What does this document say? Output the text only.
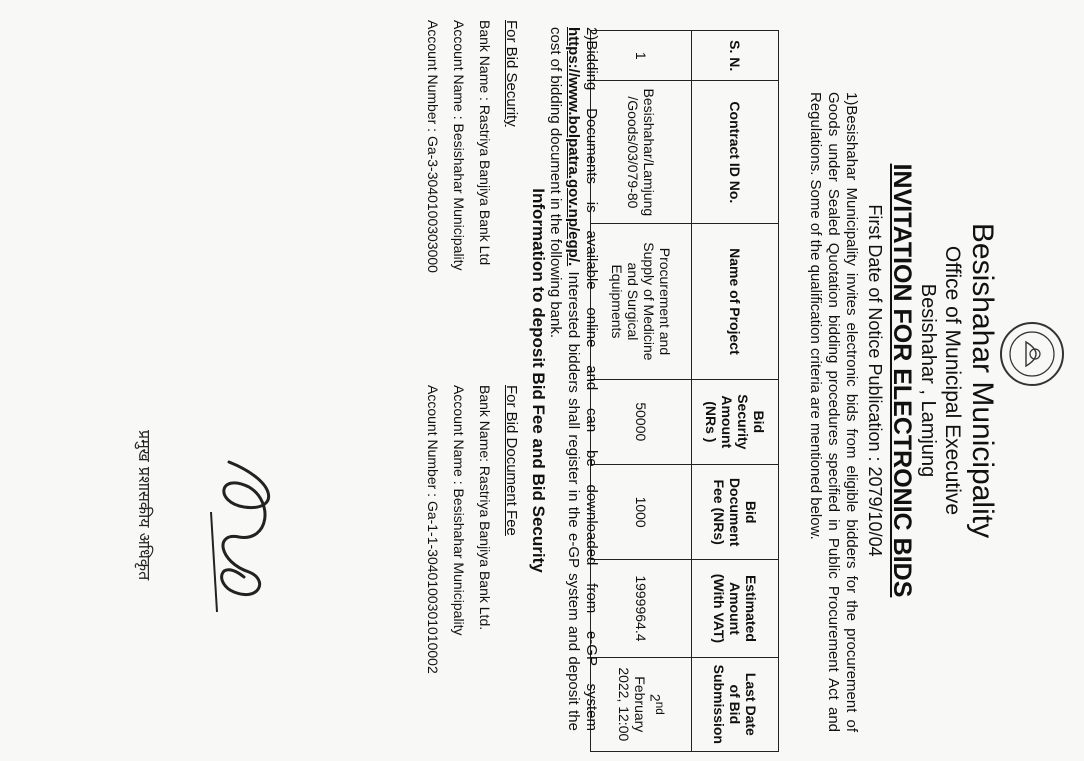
Besishahar Municipality
Office of Municipal Executive
Besishahar , Lamjung
INVITATION FOR ELECTRONIC BIDS
First Date of Notice Publication : 2079/10/04
1)Besishahar Municipality invites electronic bids from eligible bidders for the procurement of Goods under Sealed Quotation bidding procedures specified in Public Procurement Act and Regulations. Some of the qualification criteria are mentioned below.
S. N.	Contract ID No.	Name of Project	Bid Security Amount (NRs )	Bid Document Fee (NRs)	Estimated Amount (With VAT)	Last Date of Bid Submission
1	Besishahar/Lamjung /Goods/03/079-80	Procurement and Supply of Medicine and Surgical Equipments	50000	1000	1999964.4	2nd February 2022, 12:00
2)Bidding Documents is available online and can be downloaded from e-GP system https://www.bolpatra.gov.np/egp/. Interested bidders shall register in the e-GP system and deposit the cost of bidding document in the following bank.
Information to deposit Bid Fee and Bid Security
For Bid Security
Bank Name : Rastriya Banjiya Bank Ltd
Account Name : Besishahar Municipality
Account Number : Ga-3-3040100303000
For Bid Document Fee
Bank Name: Rastriya Banjiya Bank Ltd.
Account Name : Besishahar Municipality
Account Number : Ga-1-1-3040100301010002
प्रमुख प्रशासकीय अधिकृत
